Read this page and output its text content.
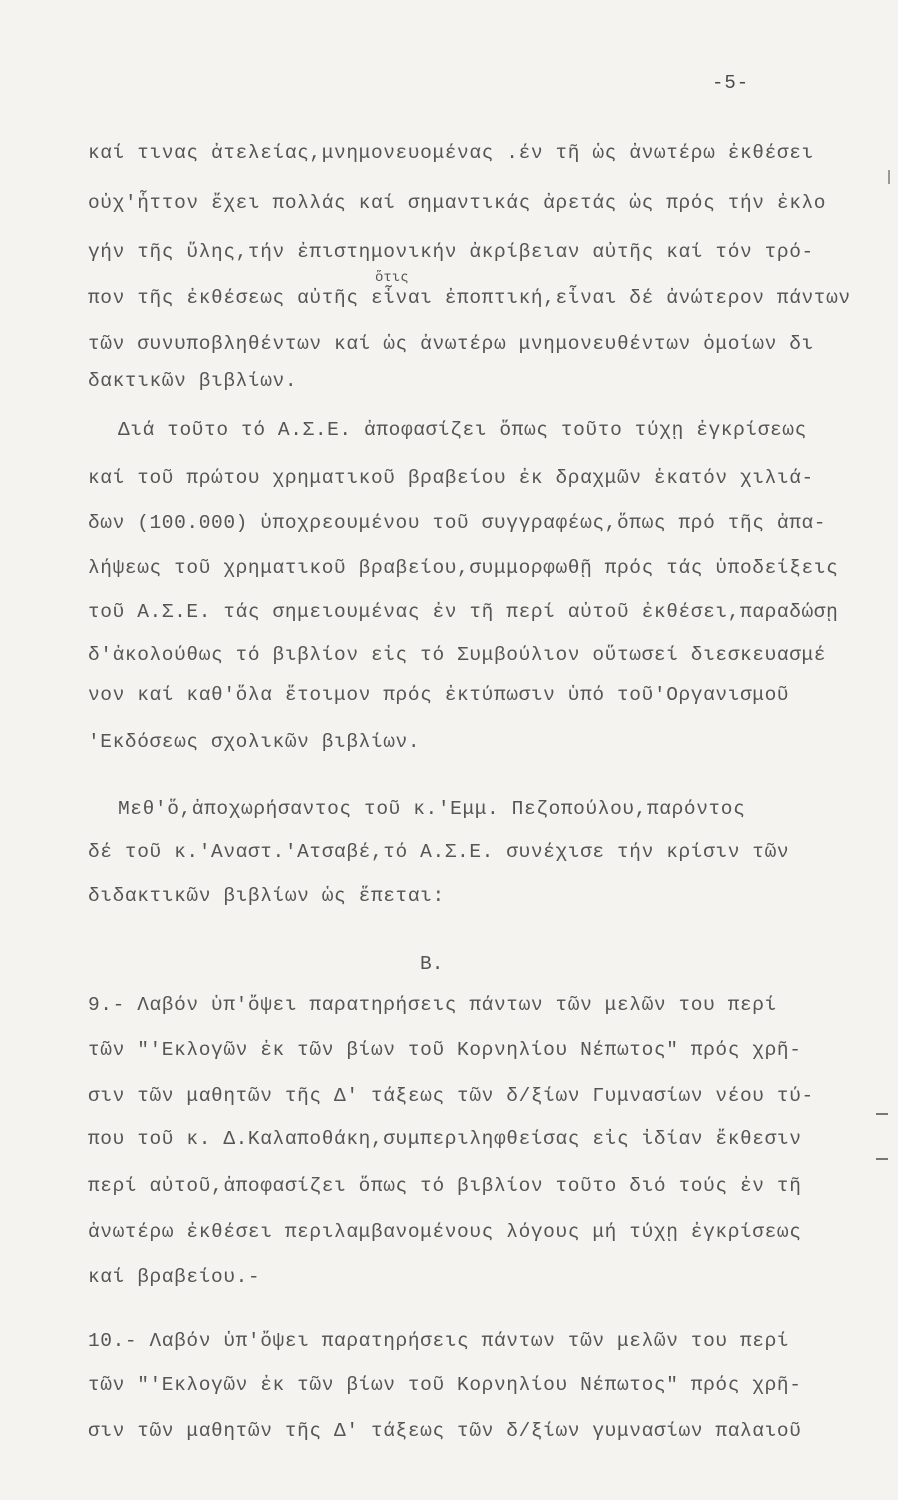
-5-
καί τινας ἀτελείας,μνημονευομένας .έν τῆ ὡς ἀνωτέρω ἐκθέσει
οὐχ'ἧττον ἔχει πολλάς καί σημαντικάς ἀρετάς ὡς πρός τήν ἐκλο
γήν τῆς ὕλης,τήν ἐπιστημονικήν ἀκρίβειαν αὐτῆς καί τόν τρό-
ὅτις
πον τῆς ἐκθέσεως αὐτῆς εἶναι ἐποπτική,εἶναι δέ ἀνώτερον πάντων
τῶν συνυποβληθέντων καί ὡς ἀνωτέρω μνημονευθέντων ὁμοίων δι
δακτικῶν βιβλίων.
Διά τοῦτο τό Α.Σ.Ε. ἀποφασίζει ὅπως τοῦτο τύχῃ ἐγκρίσεως
καί τοῦ πρώτου χρηματικοῦ βραβείου ἐκ δραχμῶν ἑκατόν χιλιά-
δων (100.000) ὑποχρεουμένου τοῦ συγγραφέως,ὅπως πρό τῆς ἀπα-
λήψεως τοῦ χρηματικοῦ βραβείου,συμμορφωθῇ πρός τάς ὑποδείξεις
τοῦ Α.Σ.Ε. τάς σημειουμένας ἐν τῆ περί αὐτοῦ ἐκθέσει,παραδώσῃ
δ'ἀκολούθως τό βιβλίον εἰς τό Συμβούλιον οὕτωσεί διεσκευασμέ
νον καί καθ'ὅλα ἕτοιμον πρός ἐκτύπωσιν ὑπό τοῦ'Οργανισμοῦ
'Εκδόσεως σχολικῶν βιβλίων.
Μεθ'ὅ,ἀποχωρήσαντος τοῦ κ.'Εμμ. Πεζοπούλου,παρόντος
δέ τοῦ κ.'Αναστ.'Ατσαβέ,τό Α.Σ.Ε. συνέχισε τήν κρίσιν τῶν
διδακτικῶν βιβλίων ὡς ἕπεται:
Β.
9.- Λαβόν ὑπ'ὄψει παρατηρήσεις πάντων τῶν μελῶν του περί
τῶν "'Εκλογῶν ἐκ τῶν βίων τοῦ Κορνηλίου Νέπωτος" πρός χρῆ-
σιν τῶν μαθητῶν τῆς Δ' τάξεως τῶν δ/ξίων Γυμνασίων νέου τύ-
που τοῦ κ. Δ.Καλαποθάκη,συμπεριληφθείσας εἰς ἰδίαν ἔκθεσιν
περί αὐτοῦ,ἀποφασίζει ὅπως τό βιβλίον τοῦτο διό τούς ἐν τῆ
ἀνωτέρω ἐκθέσει περιλαμβανομένους λόγους μή τύχῃ ἐγκρίσεως
καί βραβείου.-
10.- Λαβόν ὑπ'ὄψει παρατηρήσεις πάντων τῶν μελῶν του περί
τῶν "'Εκλογῶν ἐκ τῶν βίων τοῦ Κορνηλίου Νέπωτος" πρός χρῆ-
σιν τῶν μαθητῶν τῆς Δ' τάξεως τῶν δ/ξίων γυμνασίων παλαιοῦ
